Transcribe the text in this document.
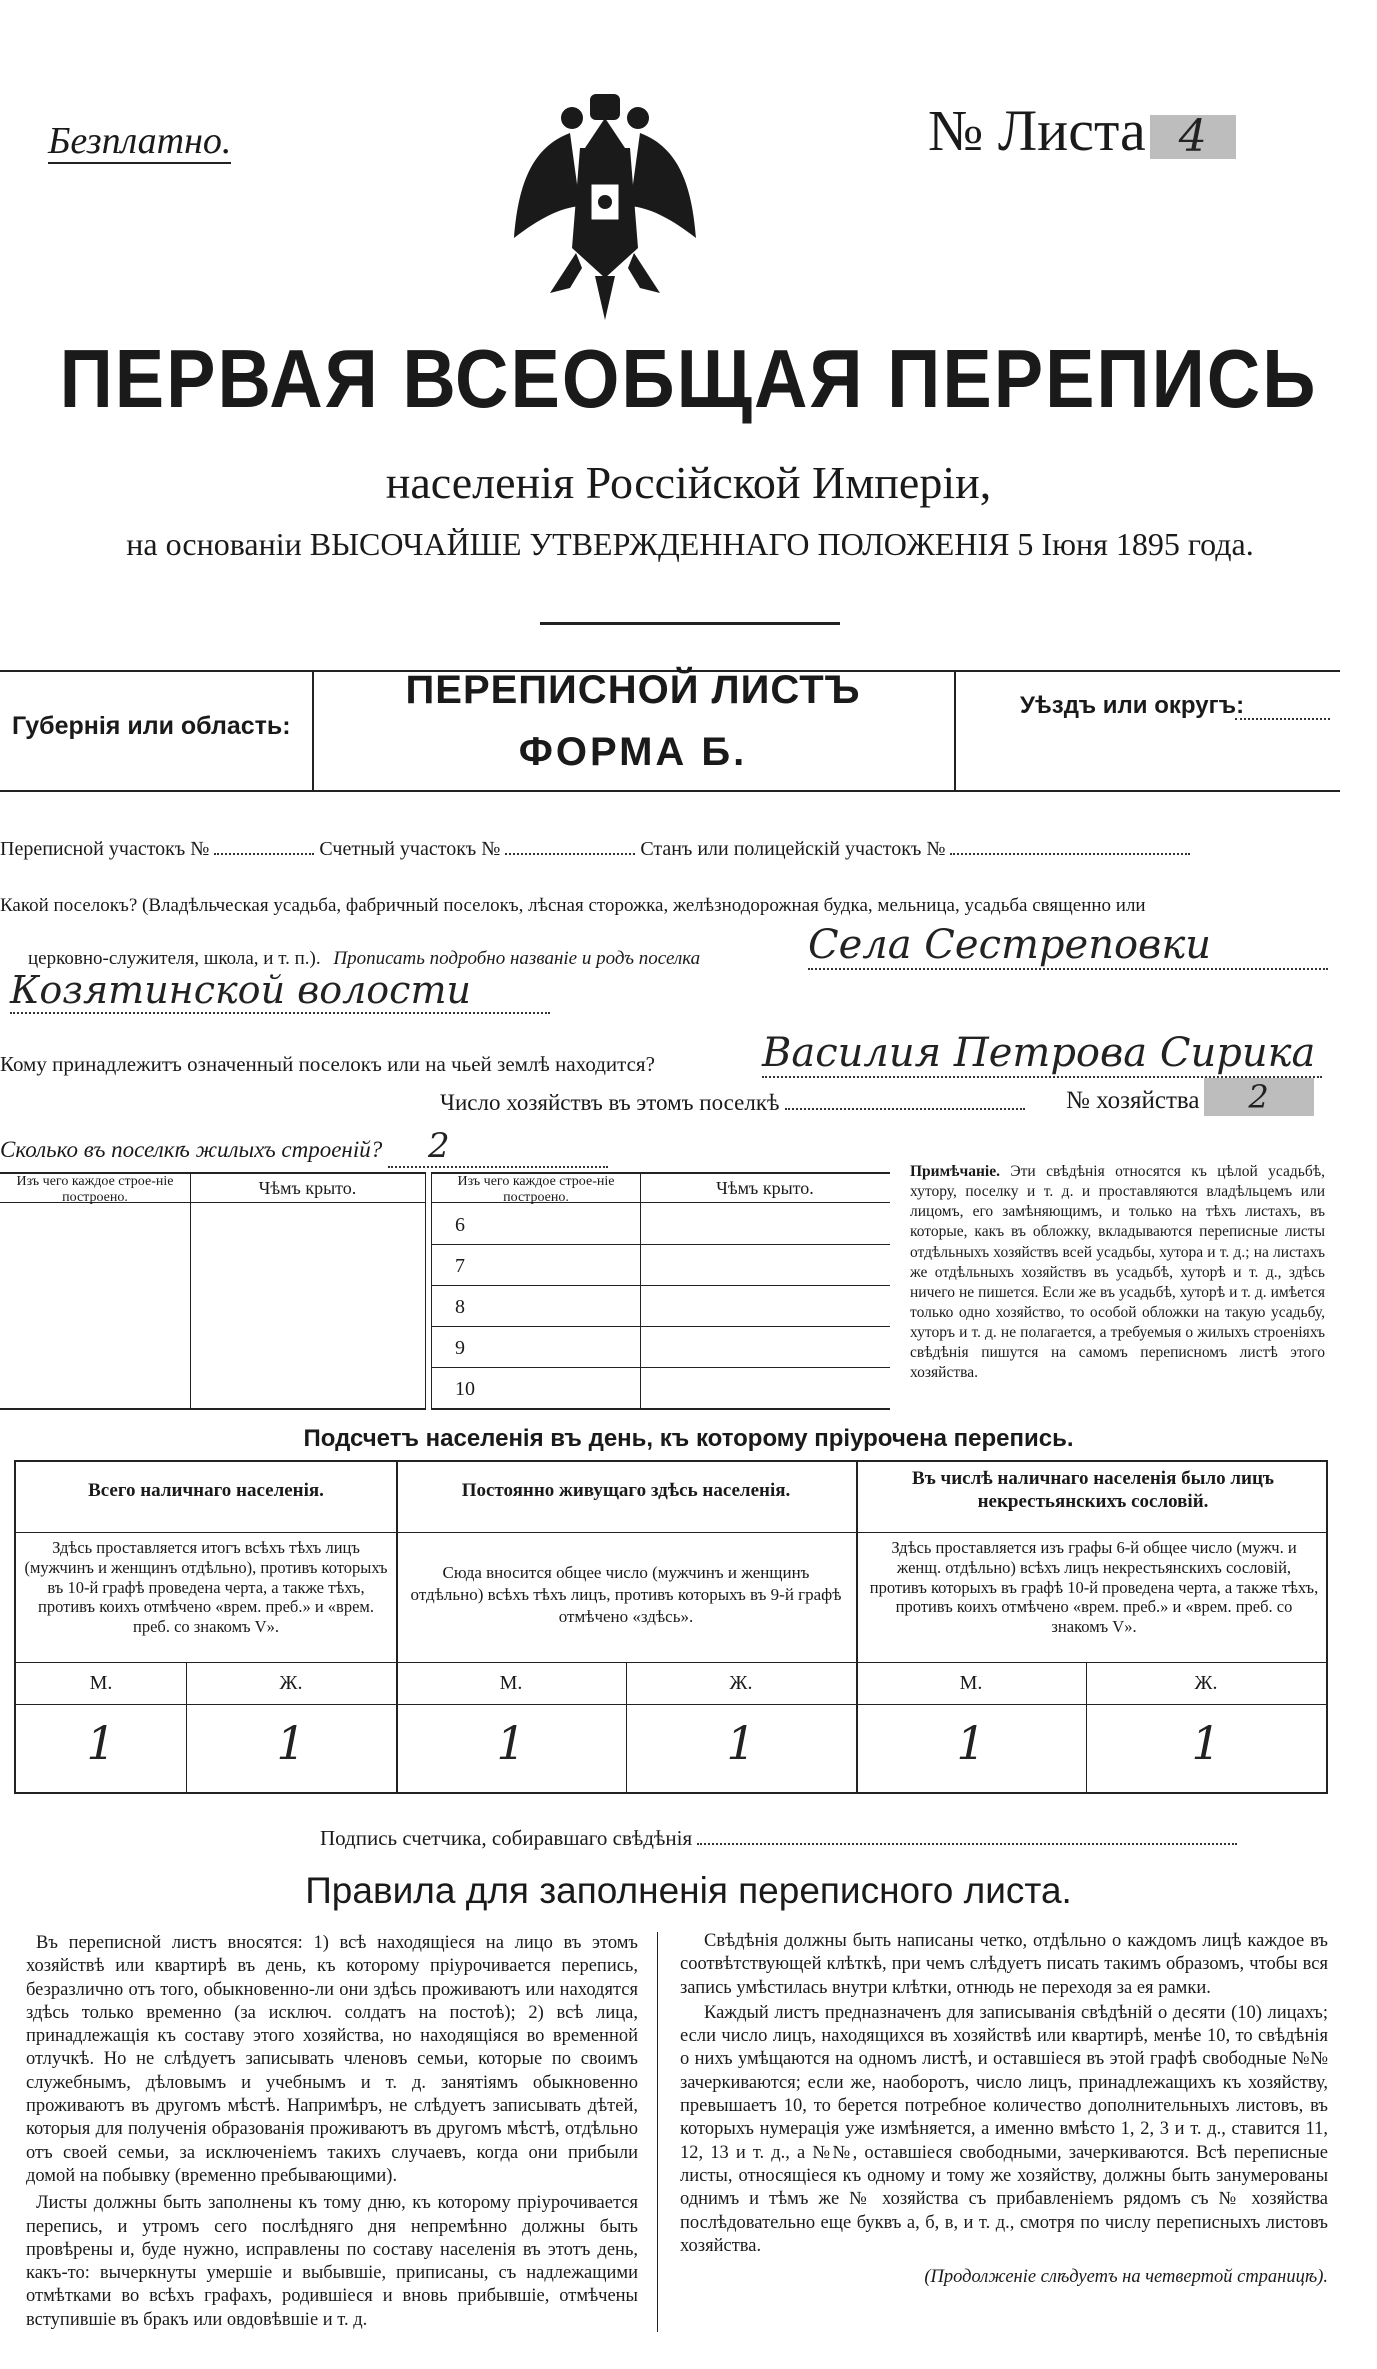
Безплатно.	№ Листа 4
ПЕРВАЯ ВСЕОБЩАЯ ПЕРЕПИСЬ
населенія Россійской Имперіи,
на основаніи ВЫСОЧАЙШЕ УТВЕРЖДЕННАГО ПОЛОЖЕНІЯ 5 Іюня 1895 года.
Губернія или область:
ПЕРЕПИСНОЙ ЛИСТЪ
ФОРМА Б.
Уѣздъ или округъ:
Переписной участокъ №	Счетный участокъ №	Станъ или полицейскій участокъ №
Какой поселокъ? (Владѣльческая усадьба, фабричный поселокъ, лѣсная сторожка, желѣзнодорожная будка, мельница, усадьба священно или
церковно-служителя, школа, и т. п.). Прописать подробно названіе и родъ поселка	Села Сестреповки
Козятинской волости
Кому принадлежитъ означенный поселокъ или на чьей землѣ находится?	Василия Петрова Сирика
Число хозяйствъ въ этомъ поселкѣ	№ хозяйства 2
Сколько въ поселкѣ жилыхъ строеній? 2
Изъ чего каждое строе-ніе построено.	Чѣмъ крыто.	Изъ чего каждое строе-ніе построено.	Чѣмъ крыто.
6
7
8
9
10
Примѣчаніе. Эти свѣдѣнія относятся къ цѣлой усадьбѣ, хутору, поселку и т. д. и проставляются владѣльцемъ или лицомъ, его замѣняющимъ, и только на тѣхъ листахъ, въ которые, какъ въ обложку, вкладываются переписные листы отдѣльныхъ хозяйствъ всей усадьбы, хутора и т. д.; на листахъ же отдѣльныхъ хозяйствъ въ усадьбѣ, хуторѣ и т. д., здѣсь ничего не пишется. Если же въ усадьбѣ, хуторѣ и т. д. имѣется только одно хозяйство, то особой обложки на такую усадьбу, хуторъ и т. д. не полагается, а требуемыя о жилыхъ строеніяхъ свѣдѣнія пишутся на самомъ переписномъ листѣ этого хозяйства.
Подсчетъ населенія въ день, къ которому пріурочена перепись.
Всего наличнаго населенія.
Здѣсь проставляется итогъ всѣхъ тѣхъ лицъ (мужчинъ и женщинъ отдѣльно), противъ которыхъ въ 10-й графѣ проведена черта, а также тѣхъ, противъ коихъ отмѣчено «врем. преб.» и «врем. преб. со знакомъ V».
Постоянно живущаго здѣсь населенія.
Сюда вносится общее число (мужчинъ и женщинъ отдѣльно) всѣхъ тѣхъ лицъ, противъ которыхъ въ 9-й графѣ отмѣчено «здѣсь».
Въ числѣ наличнаго населенія было лицъ некрестьянскихъ сословій.
Здѣсь проставляется изъ графы 6-й общее число (мужч. и женщ. отдѣльно) всѣхъ лицъ некрестьянскихъ сословій, противъ которыхъ въ графѣ 10-й проведена черта, а также тѣхъ, противъ коихъ отмѣчено «врем. преб.» и «врем. преб. со знакомъ V».
М.	Ж.	М.	Ж.	М.	Ж.
1	1	1	1	1	1
Подпись счетчика, собиравшаго свѣдѣнія
Правила для заполненія переписного листа.

Въ переписной листъ вносятся: 1) всѣ находящіеся на лицо въ этомъ хозяйствѣ или квартирѣ въ день, къ которому пріурочивается перепись, безразлично отъ того, обыкновенно-ли они здѣсь проживаютъ или находятся здѣсь только временно (за исключ. солдатъ на постоѣ); 2) всѣ лица, принадлежащія къ составу этого хозяйства, но находящіяся во временной отлучкѣ. Но не слѣдуетъ записывать членовъ семьи, которые по своимъ служебнымъ, дѣловымъ и учебнымъ и т. д. занятіямъ обыкновенно проживаютъ въ другомъ мѣстѣ. Напримѣръ, не слѣдуетъ записывать дѣтей, которыя для полученія образованія проживаютъ въ другомъ мѣстѣ, отдѣльно отъ своей семьи, за исключеніемъ такихъ случаевъ, когда они прибыли домой на побывку (временно пребывающими).

Листы должны быть заполнены къ тому дню, къ которому пріурочивается перепись, и утромъ сего послѣдняго дня непремѣнно должны быть провѣрены и, буде нужно, исправлены по составу населенія въ этотъ день, какъ-то: вычеркнуты умершіе и выбывшіе, приписаны, съ надлежащими отмѣтками во всѣхъ графахъ, родившіеся и вновь прибывшіе, отмѣчены вступившіе въ бракъ или овдовѣвшіе и т. д.

Свѣдѣнія должны быть написаны четко, отдѣльно о каждомъ лицѣ каждое въ соотвѣтствующей клѣткѣ, при чемъ слѣдуетъ писать такимъ образомъ, чтобы вся запись умѣстилась внутри клѣтки, отнюдь не переходя за ея рамки.

Каждый листъ предназначенъ для записыванія свѣдѣній о десяти (10) лицахъ; если число лицъ, находящихся въ хозяйствѣ или квартирѣ, менѣе 10, то свѣдѣнія о нихъ умѣщаются на одномъ листѣ, и оставшіеся въ этой графѣ свободные №№ зачеркиваются; если же, наоборотъ, число лицъ, принадлежащихъ къ хозяйству, превышаетъ 10, то берется потребное количество дополнительныхъ листовъ, въ которыхъ нумерація уже измѣняется, а именно вмѣсто 1, 2, 3 и т. д., ставится 11, 12, 13 и т. д., а №№, оставшіеся свободными, зачеркиваются. Всѣ переписные листы, относящіеся къ одному и тому же хозяйству, должны быть занумерованы однимъ и тѣмъ же № хозяйства съ прибавленіемъ рядомъ съ № хозяйства послѣдовательно еще буквъ а, б, в, и т. д., смотря по числу переписныхъ листовъ хозяйства.

(Продолженіе слѣдуетъ на четвертой страницѣ).
